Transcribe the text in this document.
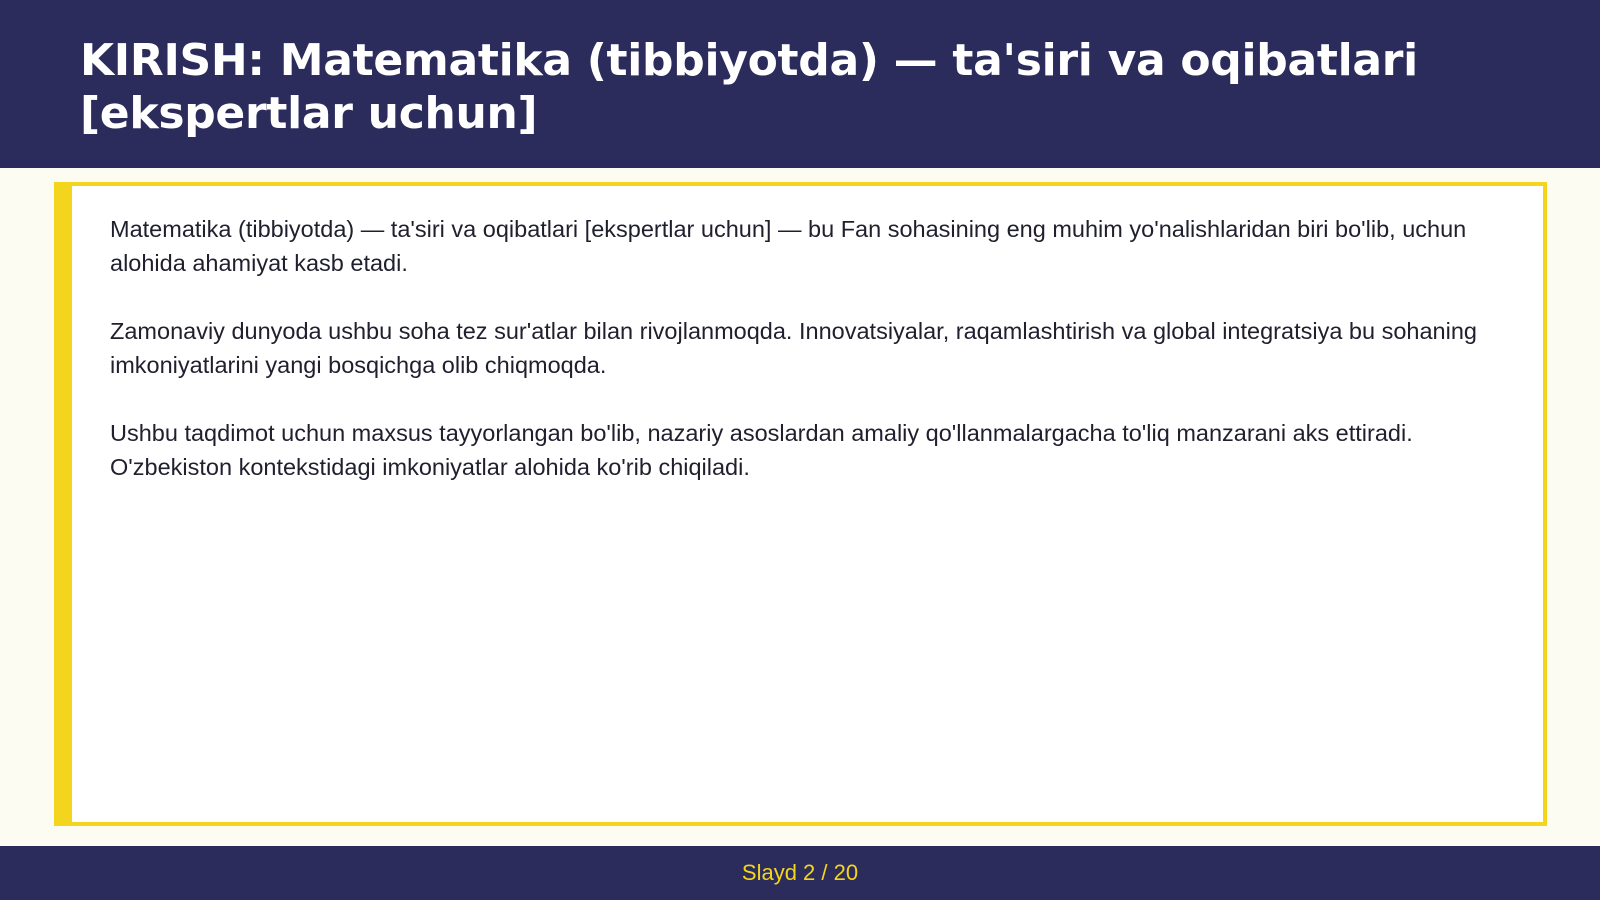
KIRISH: Matematika (tibbiyotda) — ta'siri va oqibatlari [ekspertlar uchun]

Matematika (tibbiyotda) — ta'siri va oqibatlari [ekspertlar uchun] — bu Fan sohasining eng muhim yo'nalishlaridan biri bo'lib, uchun alohida ahamiyat kasb etadi.

Zamonaviy dunyoda ushbu soha tez sur'atlar bilan rivojlanmoqda. Innovatsiyalar, raqamlashtirish va global integratsiya bu sohaning imkoniyatlarini yangi bosqichga olib chiqmoqda.

Ushbu taqdimot uchun maxsus tayyorlangan bo'lib, nazariy asoslardan amaliy qo'llanmalargacha to'liq manzarani aks ettiradi. O'zbekiston kontekstidagi imkoniyatlar alohida ko'rib chiqiladi.

Slayd 2 / 20
